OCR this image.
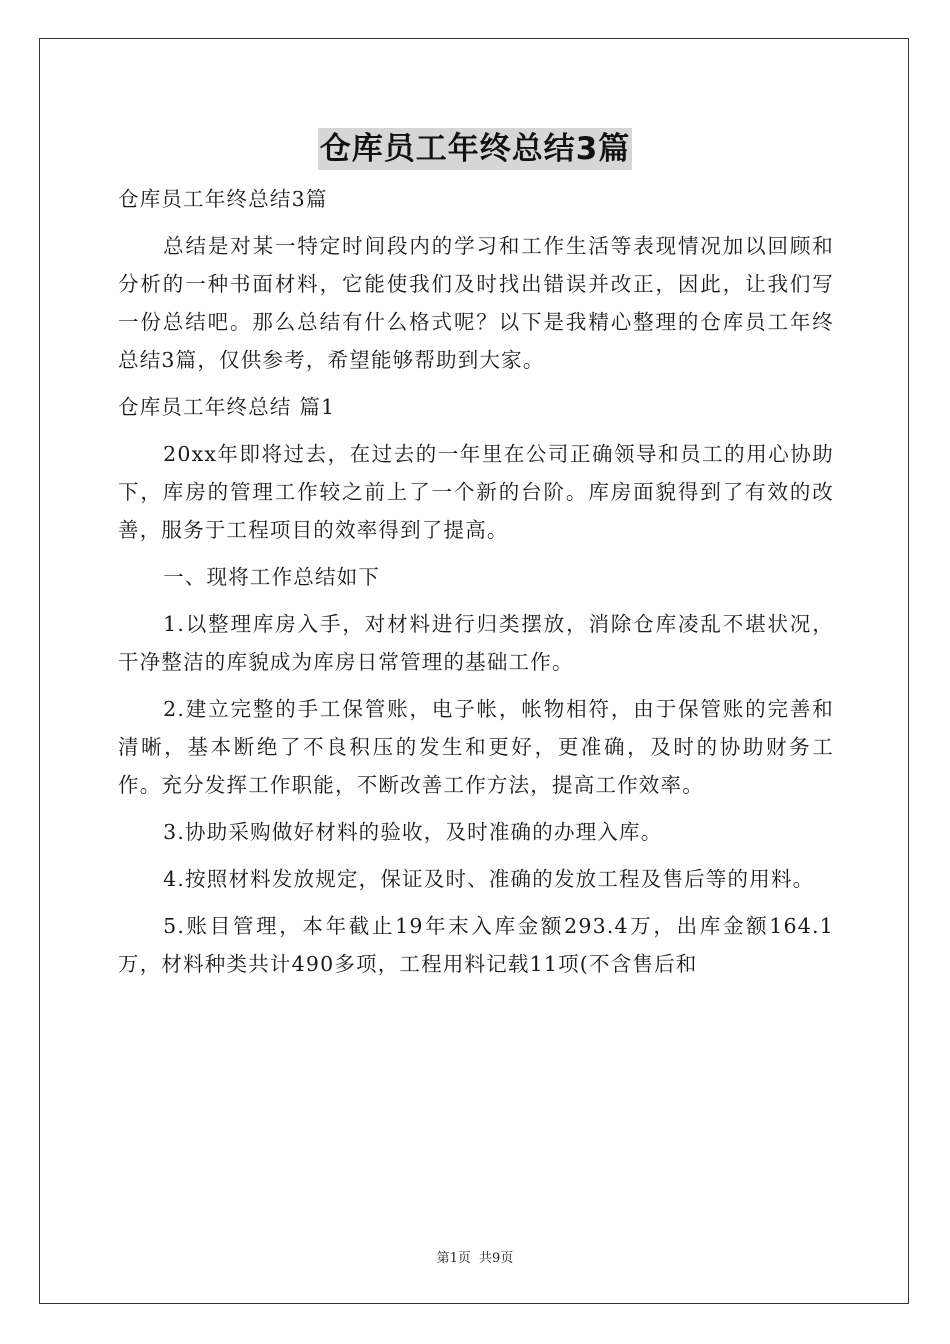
仓库员工年终总结3篇

仓库员工年终总结3篇

总结是对某一特定时间段内的学习和工作生活等表现情况加以回顾和分析的一种书面材料，它能使我们及时找出错误并改正，因此，让我们写一份总结吧。那么总结有什么格式呢？以下是我精心整理的仓库员工年终总结3篇，仅供参考，希望能够帮助到大家。

仓库员工年终总结 篇1

20xx年即将过去，在过去的一年里在公司正确领导和员工的用心协助下，库房的管理工作较之前上了一个新的台阶。库房面貌得到了有效的改善，服务于工程项目的效率得到了提高。

一、现将工作总结如下

1.以整理库房入手，对材料进行归类摆放，消除仓库凌乱不堪状况，干净整洁的库貌成为库房日常管理的基础工作。

2.建立完整的手工保管账，电子帐，帐物相符，由于保管账的完善和清晰，基本断绝了不良积压的发生和更好，更准确，及时的协助财务工作。充分发挥工作职能，不断改善工作方法，提高工作效率。

3.协助采购做好材料的验收，及时准确的办理入库。

4.按照材料发放规定，保证及时、准确的发放工程及售后等的用料。

5.账目管理，本年截止19年末入库金额293.4万，出库金额164.1万，材料种类共计490多项，工程用料记载11项(不含售后和

第1页 共9页
